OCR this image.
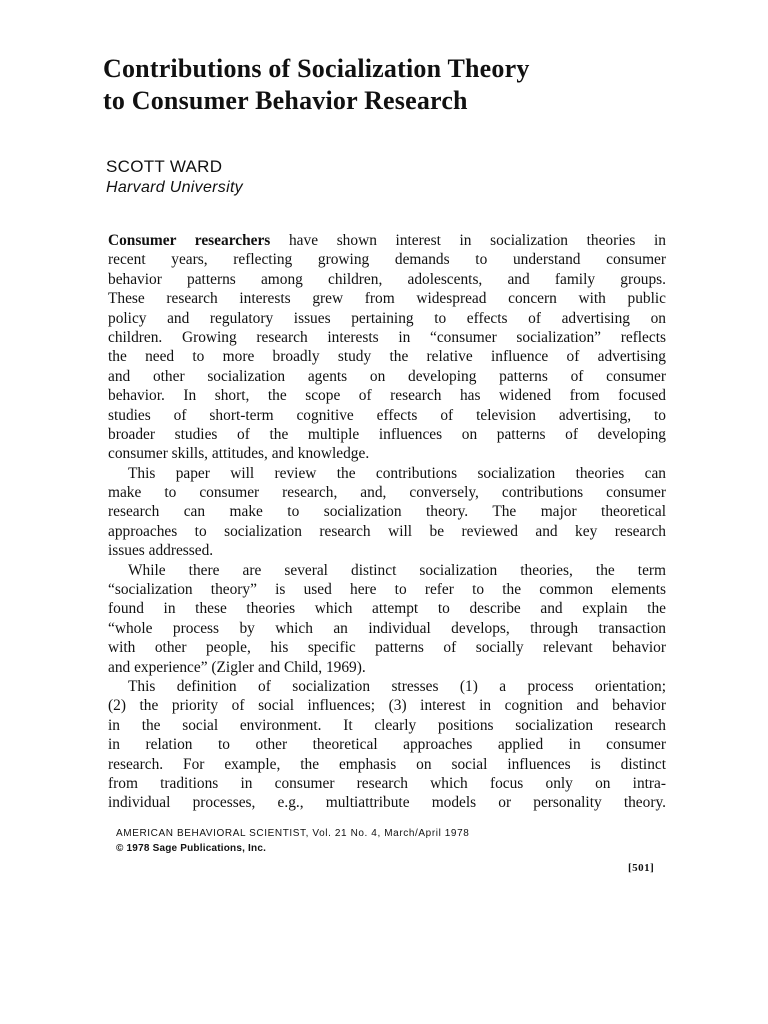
Contributions of Socialization Theory
to Consumer Behavior Research
SCOTT WARD
Harvard University
Consumer researchers have shown interest in socialization theories in
recent years, reflecting growing demands to understand consumer
behavior patterns among children, adolescents, and family groups.
These research interests grew from widespread concern with public
policy and regulatory issues pertaining to effects of advertising on
children. Growing research interests in “consumer socialization” reflects
the need to more broadly study the relative influence of advertising
and other socialization agents on developing patterns of consumer
behavior. In short, the scope of research has widened from focused
studies of short-term cognitive effects of television advertising, to
broader studies of the multiple influences on patterns of developing
consumer skills, attitudes, and knowledge.
This paper will review the contributions socialization theories can
make to consumer research, and, conversely, contributions consumer
research can make to socialization theory. The major theoretical
approaches to socialization research will be reviewed and key research
issues addressed.
While there are several distinct socialization theories, the term
“socialization theory” is used here to refer to the common elements
found in these theories which attempt to describe and explain the
“whole process by which an individual develops, through transaction
with other people, his specific patterns of socially relevant behavior
and experience” (Zigler and Child, 1969).
This definition of socialization stresses (1) a process orientation;
(2) the priority of social influences; (3) interest in cognition and behavior
in the social environment. It clearly positions socialization research
in relation to other theoretical approaches applied in consumer
research. For example, the emphasis on social influences is distinct
from traditions in consumer research which focus only on intra-
individual processes, e.g., multiattribute models or personality theory.
AMERICAN BEHAVIORAL SCIENTIST, Vol. 21 No. 4, March/April 1978
© 1978 Sage Publications, Inc.
[501]
